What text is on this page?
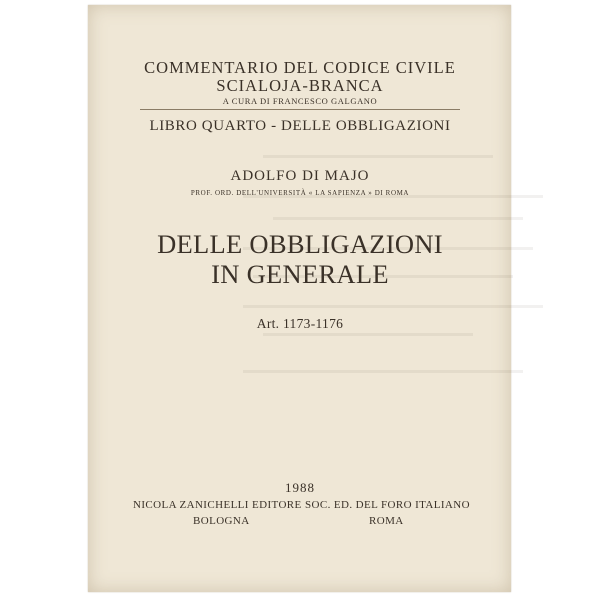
COMMENTARIO DEL CODICE CIVILE
SCIALOJA-BRANCA
A CURA DI FRANCESCO GALGANO
LIBRO QUARTO - DELLE OBBLIGAZIONI
ADOLFO DI MAJO
PROF. ORD. DELL'UNIVERSITÀ « LA SAPIENZA » DI ROMA
DELLE OBBLIGAZIONI
IN GENERALE
Art. 1173-1176
1988
NICOLA ZANICHELLI EDITORE SOC. ED. DEL FORO ITALIANO
BOLOGNA	ROMA
